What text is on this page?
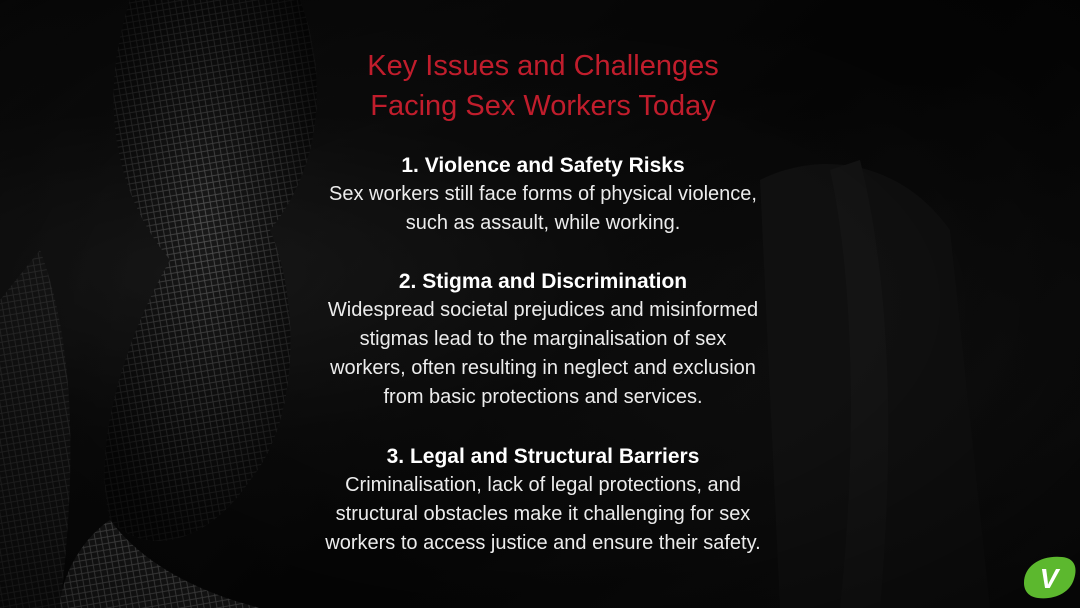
Key Issues and Challenges
Facing Sex Workers Today
1. Violence and Safety Risks
Sex workers still face forms of physical violence,
such as assault, while working.
2. Stigma and Discrimination
Widespread societal prejudices and misinformed
stigmas lead to the marginalisation of sex
workers, often resulting in neglect and exclusion
from basic protections and services.
3. Legal and Structural Barriers
Criminalisation, lack of legal protections, and
structural obstacles make it challenging for sex
workers to access justice and ensure their safety.
V
